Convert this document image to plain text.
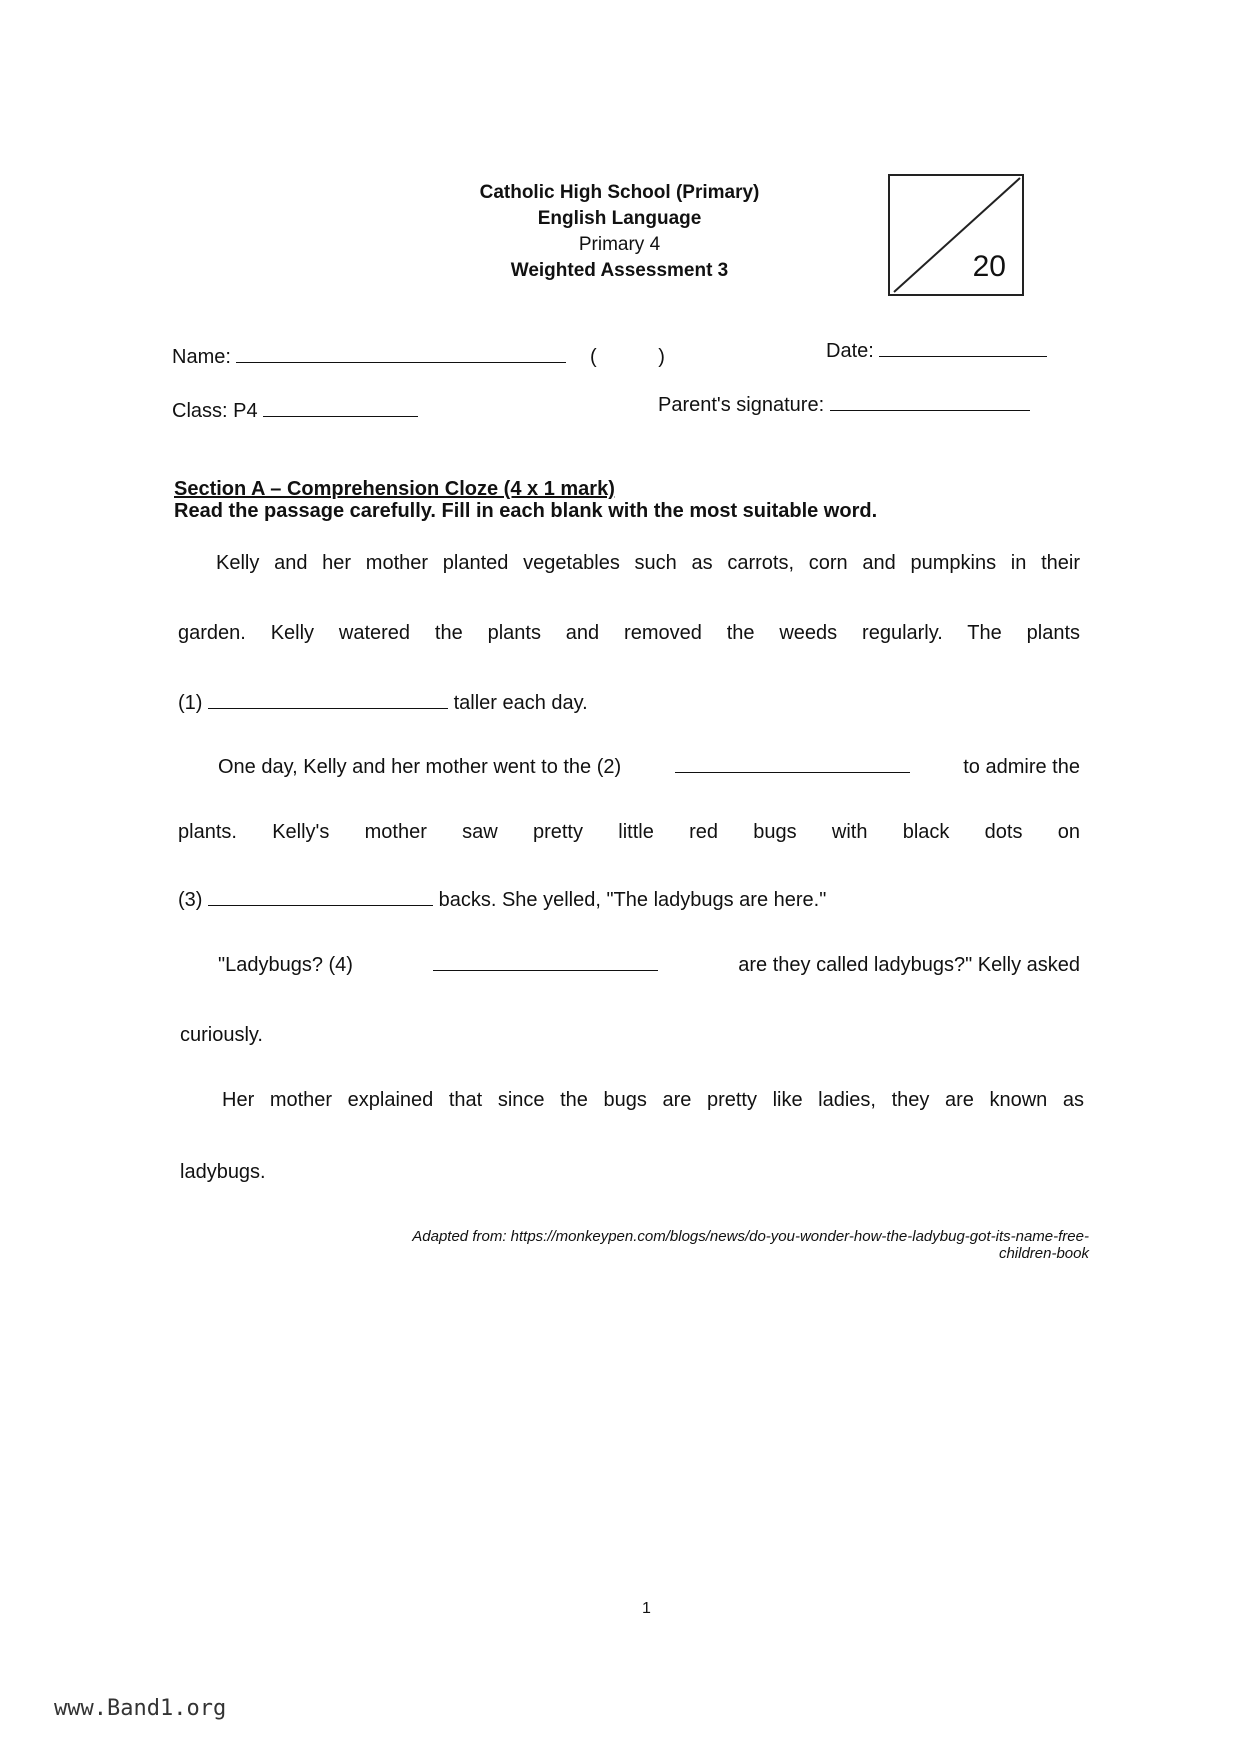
Catholic High School (Primary)
English Language
Primary 4
Weighted Assessment 3	20
Name:	(	)	Date:
Class: P4	Parent's signature:
Section A – Comprehension Cloze (4 x 1 mark)
Read the passage carefully. Fill in each blank with the most suitable word.
Kelly and her mother planted vegetables such as carrots, corn and pumpkins in their
garden. Kelly watered the plants and removed the weeds regularly. The plants
(1)	taller each day.
One day, Kelly and her mother went to the (2)	to admire the
plants. Kelly's mother saw pretty little red bugs with black dots on
(3)	backs. She yelled, "The ladybugs are here."
"Ladybugs? (4)	are they called ladybugs?" Kelly asked
curiously.
Her mother explained that since the bugs are pretty like ladies, they are known as
ladybugs.
Adapted from: https://monkeypen.com/blogs/news/do-you-wonder-how-the-ladybug-got-its-name-free-
children-book
1
www.Band1.org
